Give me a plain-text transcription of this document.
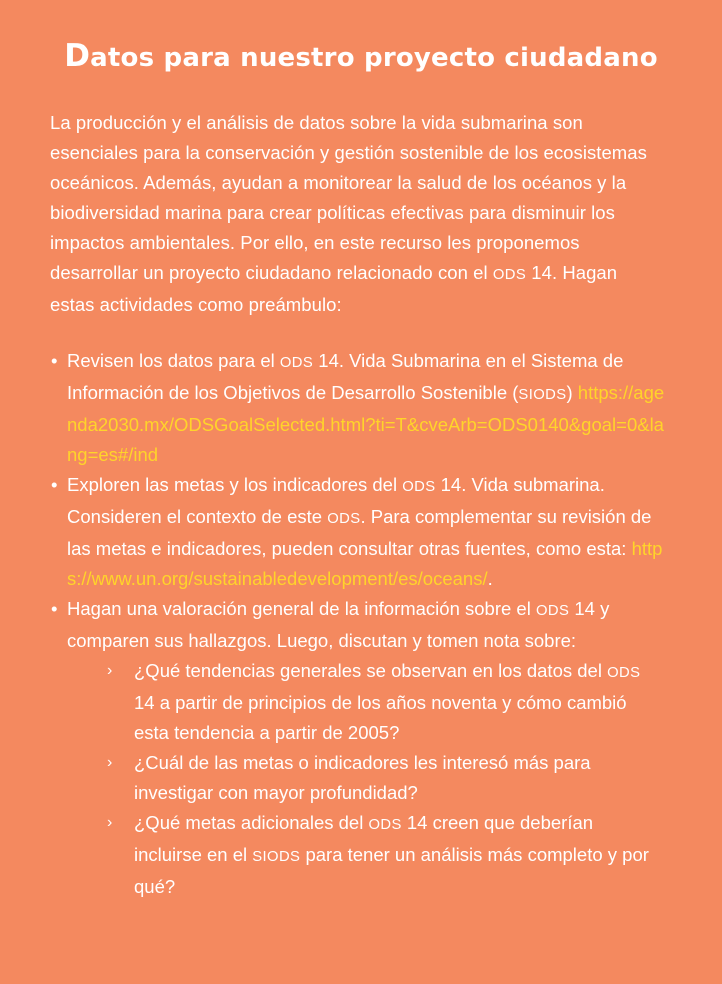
Datos para nuestro proyecto ciudadano

La producción y el análisis de datos sobre la vida submarina son esenciales para la conservación y gestión sostenible de los ecosistemas oceánicos. Además, ayudan a monitorear la salud de los océanos y la biodiversidad marina para crear políticas efectivas para disminuir los impactos ambientales. Por ello, en este recurso les proponemos desarrollar un proyecto ciudadano relacionado con el ODS 14. Hagan estas actividades como preámbulo:

• Revisen los datos para el ODS 14. Vida Submarina en el Sistema de Información de los Objetivos de Desarrollo Sostenible (SIODS) https://agenda2030.mx/ODSGoalSelected.html?ti=T&cveArb=ODS0140&goal=0&lang=es#/ind
• Exploren las metas y los indicadores del ODS 14. Vida submarina. Consideren el contexto de este ODS. Para complementar su revisión de las metas e indicadores, pueden consultar otras fuentes, como esta: https://www.un.org/sustainabledevelopment/es/oceans/.
• Hagan una valoración general de la información sobre el ODS 14 y comparen sus hallazgos. Luego, discutan y tomen nota sobre:
› ¿Qué tendencias generales se observan en los datos del ODS 14 a partir de principios de los años noventa y cómo cambió esta tendencia a partir de 2005?
› ¿Cuál de las metas o indicadores les interesó más para investigar con mayor profundidad?
› ¿Qué metas adicionales del ODS 14 creen que deberían incluirse en el SIODS para tener un análisis más completo y por qué?
